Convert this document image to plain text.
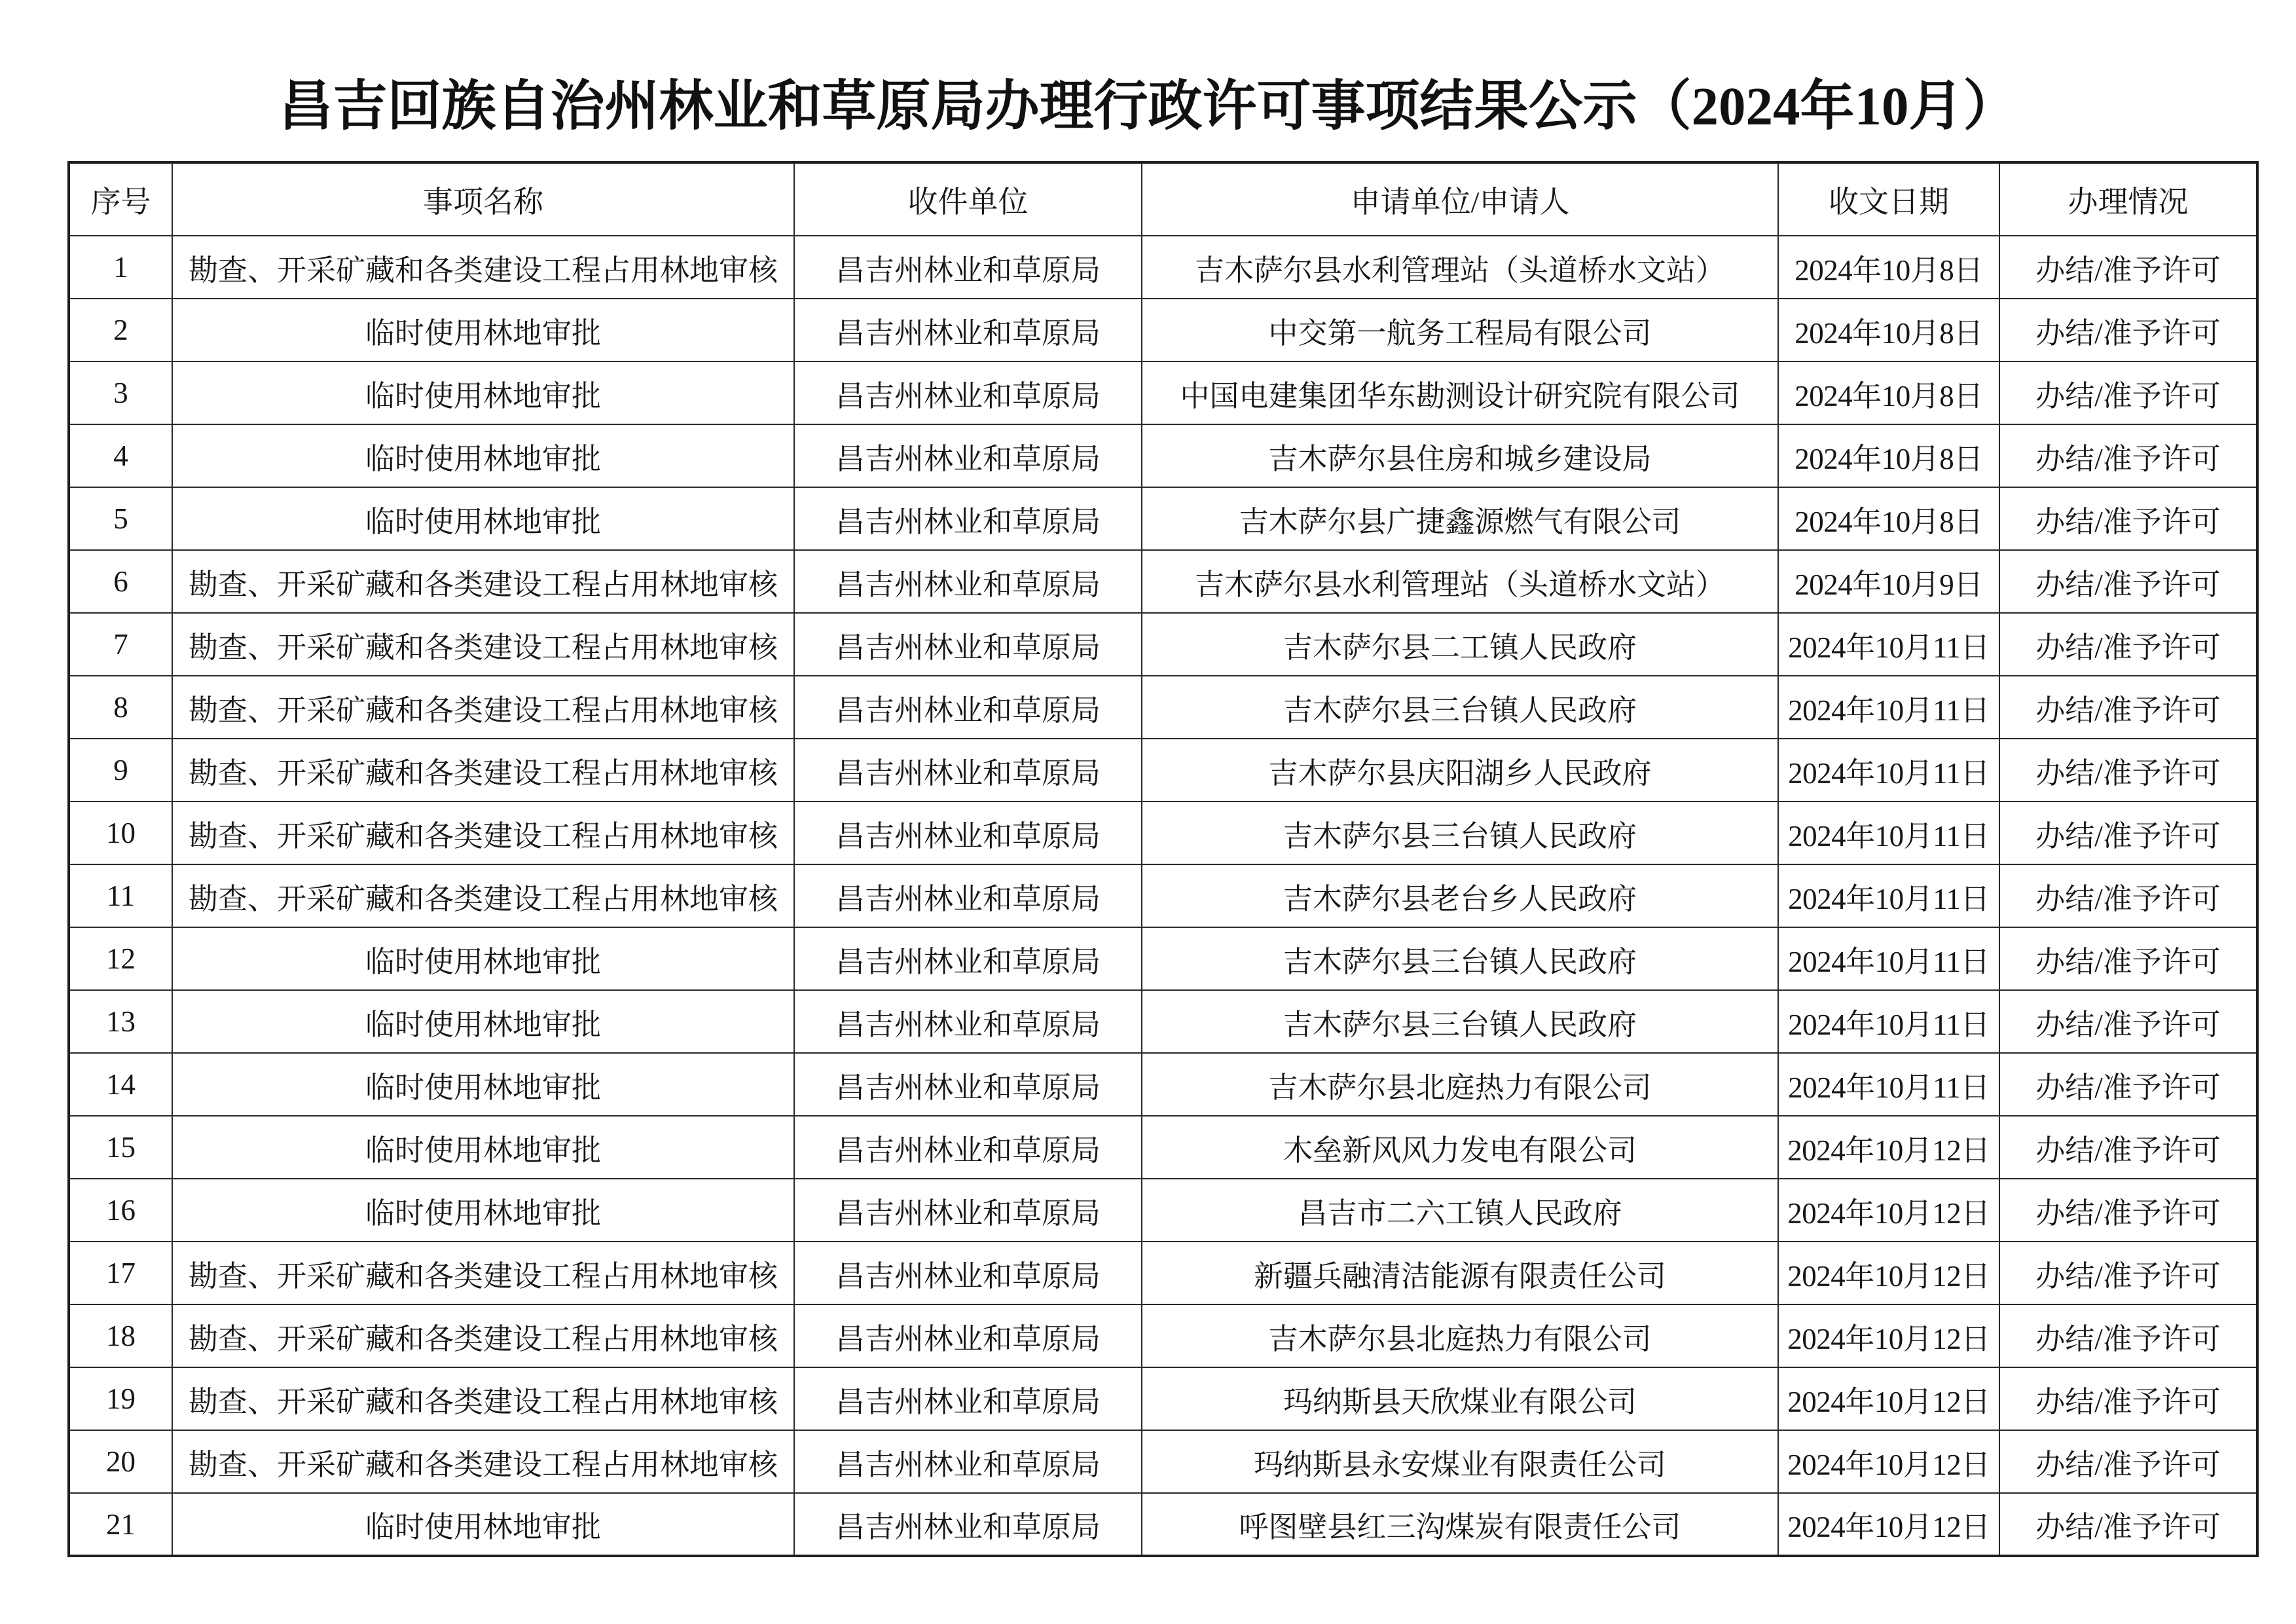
昌吉回族自治州林业和草原局办理行政许可事项结果公示（2024年10月）
序号	事项名称	收件单位	申请单位/申请人	收文日期	办理情况
1	勘查、开采矿藏和各类建设工程占用林地审核	昌吉州林业和草原局	吉木萨尔县水利管理站（头道桥水文站）	2024年10月8日	办结/准予许可
2	临时使用林地审批	昌吉州林业和草原局	中交第一航务工程局有限公司	2024年10月8日	办结/准予许可
3	临时使用林地审批	昌吉州林业和草原局	中国电建集团华东勘测设计研究院有限公司	2024年10月8日	办结/准予许可
4	临时使用林地审批	昌吉州林业和草原局	吉木萨尔县住房和城乡建设局	2024年10月8日	办结/准予许可
5	临时使用林地审批	昌吉州林业和草原局	吉木萨尔县广捷鑫源燃气有限公司	2024年10月8日	办结/准予许可
6	勘查、开采矿藏和各类建设工程占用林地审核	昌吉州林业和草原局	吉木萨尔县水利管理站（头道桥水文站）	2024年10月9日	办结/准予许可
7	勘查、开采矿藏和各类建设工程占用林地审核	昌吉州林业和草原局	吉木萨尔县二工镇人民政府	2024年10月11日	办结/准予许可
8	勘查、开采矿藏和各类建设工程占用林地审核	昌吉州林业和草原局	吉木萨尔县三台镇人民政府	2024年10月11日	办结/准予许可
9	勘查、开采矿藏和各类建设工程占用林地审核	昌吉州林业和草原局	吉木萨尔县庆阳湖乡人民政府	2024年10月11日	办结/准予许可
10	勘查、开采矿藏和各类建设工程占用林地审核	昌吉州林业和草原局	吉木萨尔县三台镇人民政府	2024年10月11日	办结/准予许可
11	勘查、开采矿藏和各类建设工程占用林地审核	昌吉州林业和草原局	吉木萨尔县老台乡人民政府	2024年10月11日	办结/准予许可
12	临时使用林地审批	昌吉州林业和草原局	吉木萨尔县三台镇人民政府	2024年10月11日	办结/准予许可
13	临时使用林地审批	昌吉州林业和草原局	吉木萨尔县三台镇人民政府	2024年10月11日	办结/准予许可
14	临时使用林地审批	昌吉州林业和草原局	吉木萨尔县北庭热力有限公司	2024年10月11日	办结/准予许可
15	临时使用林地审批	昌吉州林业和草原局	木垒新风风力发电有限公司	2024年10月12日	办结/准予许可
16	临时使用林地审批	昌吉州林业和草原局	昌吉市二六工镇人民政府	2024年10月12日	办结/准予许可
17	勘查、开采矿藏和各类建设工程占用林地审核	昌吉州林业和草原局	新疆兵融清洁能源有限责任公司	2024年10月12日	办结/准予许可
18	勘查、开采矿藏和各类建设工程占用林地审核	昌吉州林业和草原局	吉木萨尔县北庭热力有限公司	2024年10月12日	办结/准予许可
19	勘查、开采矿藏和各类建设工程占用林地审核	昌吉州林业和草原局	玛纳斯县天欣煤业有限公司	2024年10月12日	办结/准予许可
20	勘查、开采矿藏和各类建设工程占用林地审核	昌吉州林业和草原局	玛纳斯县永安煤业有限责任公司	2024年10月12日	办结/准予许可
21	临时使用林地审批	昌吉州林业和草原局	呼图壁县红三沟煤炭有限责任公司	2024年10月12日	办结/准予许可
